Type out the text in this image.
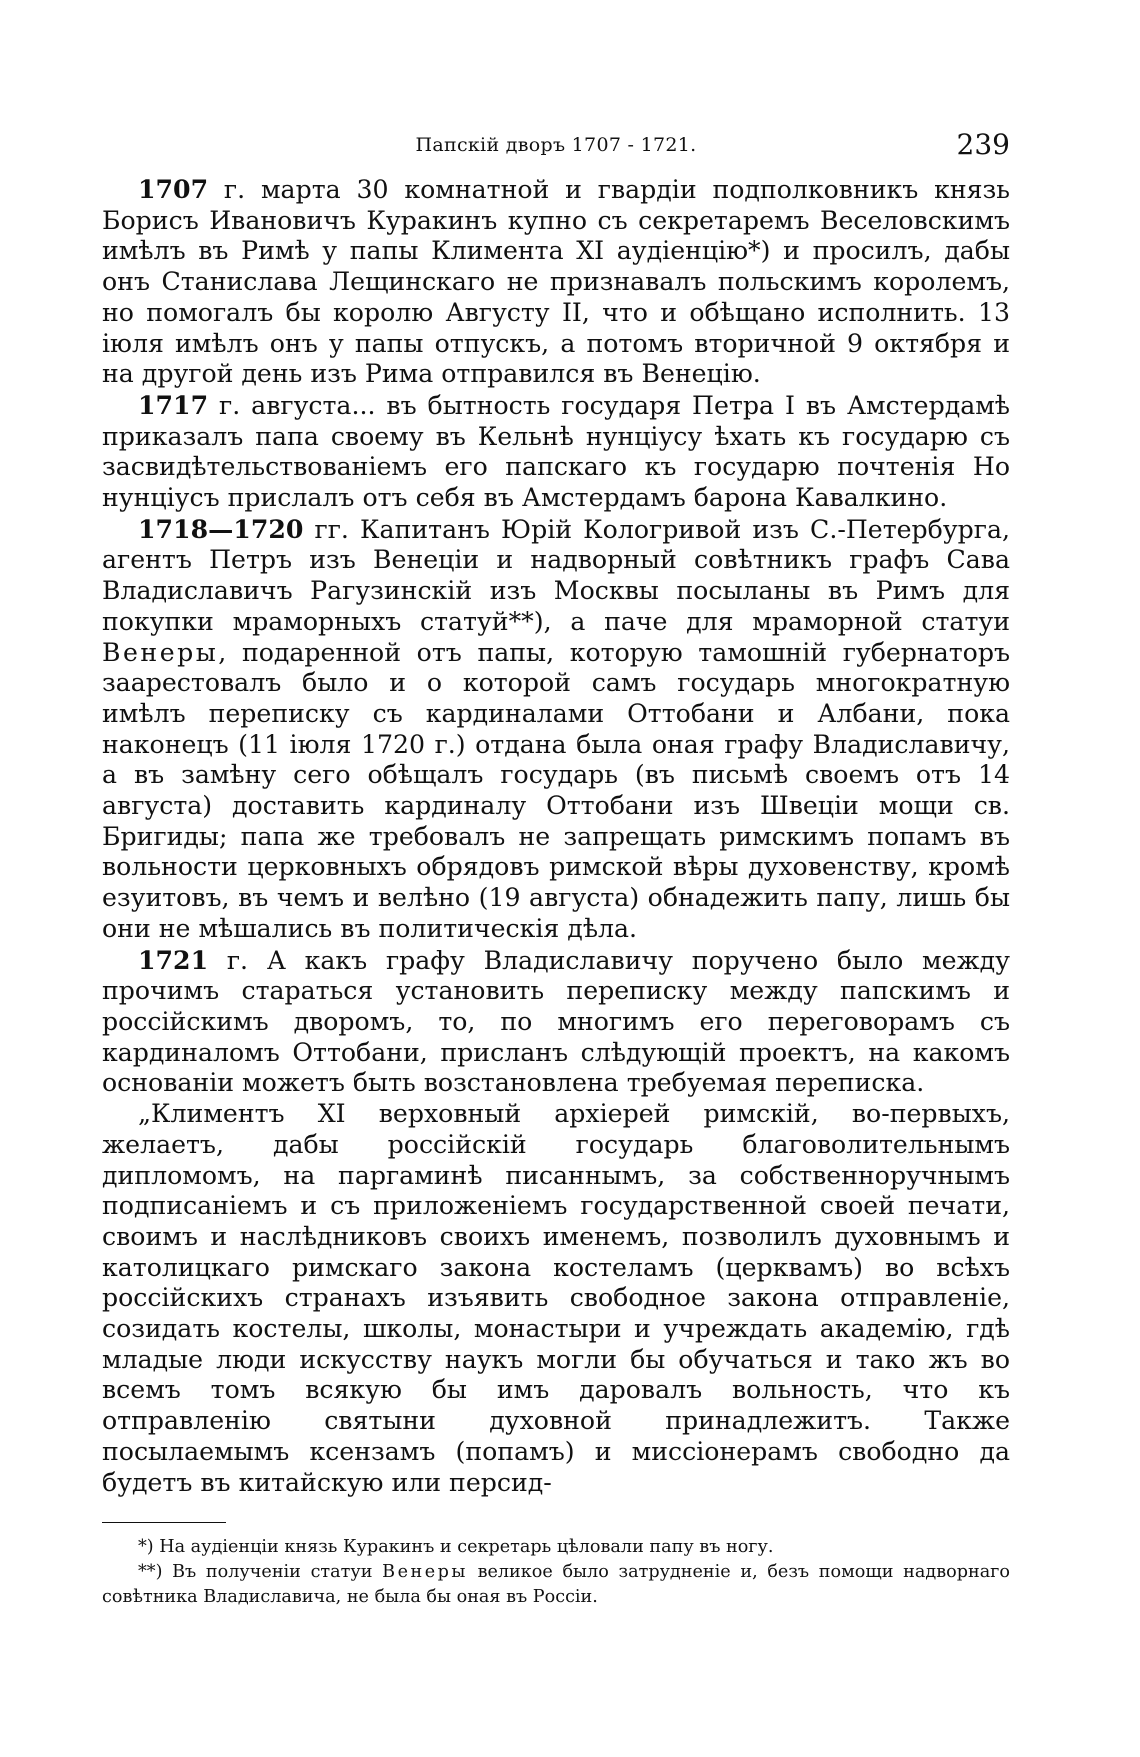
Папскій дворъ 1707 - 1721.	239

1707 г. марта 30 комнатной и гвардіи подполковникъ князь Борисъ Ивановичъ Куракинъ купно съ секретаремъ Веселовскимъ имѣлъ въ Римѣ у папы Климента XI аудіенцію*) и просилъ, дабы онъ Станислава Лещинскаго не признавалъ польскимъ королемъ, но помогалъ бы королю Августу II, что и обѣщано исполнить. 13 іюля имѣлъ онъ у папы отпускъ, а потомъ вторичной 9 октября и на другой день изъ Рима отправился въ Венецію.

1717 г. августа... въ бытность государя Петра I въ Амстердамѣ приказалъ папа своему въ Кельнѣ нунціусу ѣхать къ государю съ засвидѣтельствованіемъ его папскаго къ государю почтенія Но нунціусъ прислалъ отъ себя въ Амстердамъ барона Кавалкино.

1718—1720 гг. Капитанъ Юрій Кологривой изъ С.-Петербурга, агентъ Петръ изъ Венеціи и надворный совѣтникъ графъ Сава Владиславичъ Рагузинскій изъ Москвы посыланы въ Римъ для покупки мраморныхъ статуй**), а паче для мраморной статуи Венеры, подаренной отъ папы, которую тамошній губернаторъ заарестовалъ было и о которой самъ государь многократную имѣлъ переписку съ кардиналами Оттобани и Албани, пока наконецъ (11 іюля 1720 г.) отдана была оная графу Владиславичу, а въ замѣну сего обѣщалъ государь (въ письмѣ своемъ отъ 14 августа) доставить кардиналу Оттобани изъ Швеціи мощи св. Бригиды; папа же требовалъ не запрещать римскимъ попамъ въ вольности церковныхъ обрядовъ римской вѣры духовенству, кромѣ езуитовъ, въ чемъ и велѣно (19 августа) обнадежить папу, лишь бы они не мѣшались въ политическія дѣла.

1721 г. А какъ графу Владиславичу поручено было между прочимъ стараться установить переписку между папскимъ и россійскимъ дворомъ, то, по многимъ его переговорамъ съ кардиналомъ Оттобани, присланъ слѣдующій проектъ, на какомъ основаніи можетъ быть возстановлена требуемая переписка.

„Климентъ XI верховный архіерей римскій, во-первыхъ, желаетъ, дабы россійскій государь благоволительнымъ дипломомъ, на паргаминѣ писаннымъ, за собственноручнымъ подписаніемъ и съ приложеніемъ государственной своей печати, своимъ и наслѣдниковъ своихъ именемъ, позволилъ духовнымъ и католицкаго римскаго закона костеламъ (церквамъ) во всѣхъ россійскихъ странахъ изъявить свободное закона отправленіе, созидать костелы, школы, монастыри и учреждать академію, гдѣ младые люди искусству наукъ могли бы обучаться и тако жъ во всемъ томъ всякую бы имъ даровалъ вольность, что къ отправленію святыни духовной принадлежитъ. Также посылаемымъ ксензамъ (попамъ) и миссіонерамъ свободно да будетъ въ китайскую или персид-

*) На аудіенціи князь Куракинъ и секретарь цѣловали папу въ ногу.

**) Въ полученіи статуи Венеры великое было затрудненіе и, безъ помощи надворнаго совѣтника Владиславича, не была бы оная въ Россіи.
